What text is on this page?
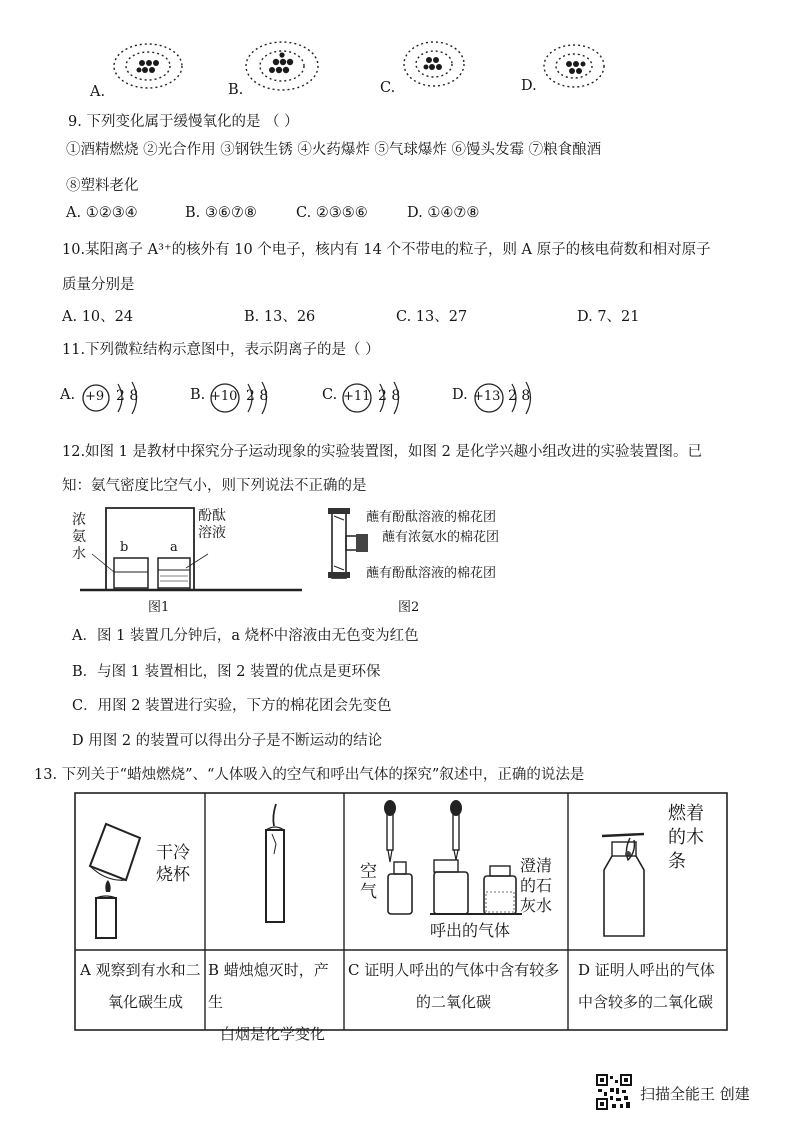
A.	B.	C.	D.
9. 下列变化属于缓慢氧化的是 （ ）
①酒精燃烧 ②光合作用 ③钢铁生锈 ④火药爆炸 ⑤气球爆炸 ⑥馒头发霉 ⑦粮食酿酒
⑧塑料老化
A. ①②③④	B. ③⑥⑦⑧	C. ②③⑤⑥	D. ①④⑦⑧
10.某阳离子 A³⁺的核外有 10 个电子，核内有 14 个不带电的粒子，则 A 原子的核电荷数和相对原子
质量分别是
A. 10、24	B. 13、26	C. 13、27	D. 7、21
11.下列微粒结构示意图中，表示阴离子的是（ ）
A. +9 2 8	B. +10 2 8	C. +11 2 8	D. +13 2 8
12.如图 1 是教材中探究分子运动现象的实验装置图，如图 2 是化学兴趣小组改进的实验装置图。已
知：氨气密度比空气小，则下列说法不正确的是
浓
氨
水
酚酞
溶液
b	a
图1
蘸有酚酞溶液的棉花团
蘸有浓氨水的棉花团
蘸有酚酞溶液的棉花团
图2
A．图 1 装置几分钟后，a 烧杯中溶液由无色变为红色
B．与图 1 装置相比，图 2 装置的优点是更环保
C．用图 2 装置进行实验，下方的棉花团会先变色
D 用图 2 的装置可以得出分子是不断运动的结论
13. 下列关于“蜡烛燃烧”、“人体吸入的空气和呼出气体的探究”叙述中，正确的说法是
干冷
烧杯	空
气
呼出的气体
澄清
的石
灰水
燃着
的木
条
A 观察到有水和二
氧化碳生成
B 蜡烛熄灭时，产生
白烟是化学变化
C 证明人呼出的气体中含有较多
的二氧化碳
D 证明人呼出的气体
中含较多的二氧化碳
扫描全能王 创建
